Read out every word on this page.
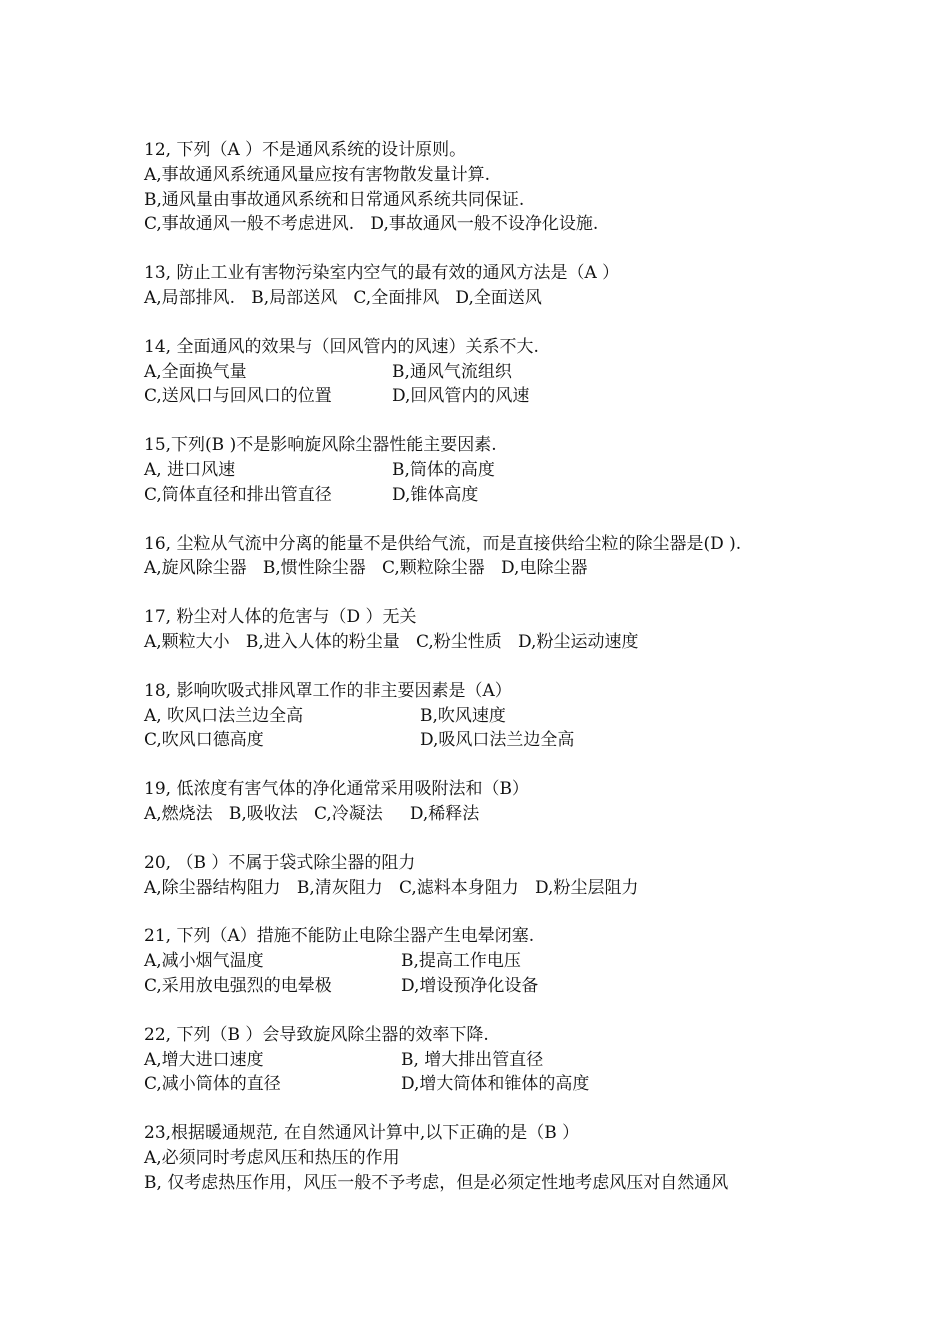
12, 下列（A ）不是通风系统的设计原则。
A,事故通风系统通风量应按有害物散发量计算.
B,通风量由事故通风系统和日常通风系统共同保证.
C,事故通风一般不考虑进风.   D,事故通风一般不设净化设施.
13, 防止工业有害物污染室内空气的最有效的通风方法是（A ）
A,局部排风.   B,局部送风   C,全面排风   D,全面送风
14, 全面通风的效果与（回风管内的风速）关系不大.
A,全面换气量	B,通风气流组织
C,送风口与回风口的位置	D,回风管内的风速
15,下列(B )不是影响旋风除尘器性能主要因素.
A, 进口风速	B,筒体的高度
C,筒体直径和排出管直径	D,锥体高度
16, 尘粒从气流中分离的能量不是供给气流，而是直接供给尘粒的除尘器是(D ).
A,旋风除尘器   B,惯性除尘器   C,颗粒除尘器   D,电除尘器
17, 粉尘对人体的危害与（D ）无关
A,颗粒大小   B,进入人体的粉尘量   C,粉尘性质   D,粉尘运动速度
18, 影响吹吸式排风罩工作的非主要因素是（A）
A, 吹风口法兰边全高	B,吹风速度
C,吹风口德高度	D,吸风口法兰边全高
19, 低浓度有害气体的净化通常采用吸附法和（B）
A,燃烧法   B,吸收法   C,冷凝法     D,稀释法
20, （B ）不属于袋式除尘器的阻力
A,除尘器结构阻力   B,清灰阻力   C,滤料本身阻力   D,粉尘层阻力
21, 下列（A）措施不能防止电除尘器产生电晕闭塞.
A,减小烟气温度	B,提高工作电压
C,采用放电强烈的电晕极	D,增设预净化设备
22, 下列（B ）会导致旋风除尘器的效率下降.
A,增大进口速度	B, 增大排出管直径
C,减小筒体的直径	D,增大筒体和锥体的高度
23,根据暖通规范, 在自然通风计算中,以下正确的是（B ）
A,必须同时考虑风压和热压的作用
B, 仅考虑热压作用，风压一般不予考虑，但是必须定性地考虑风压对自然通风
